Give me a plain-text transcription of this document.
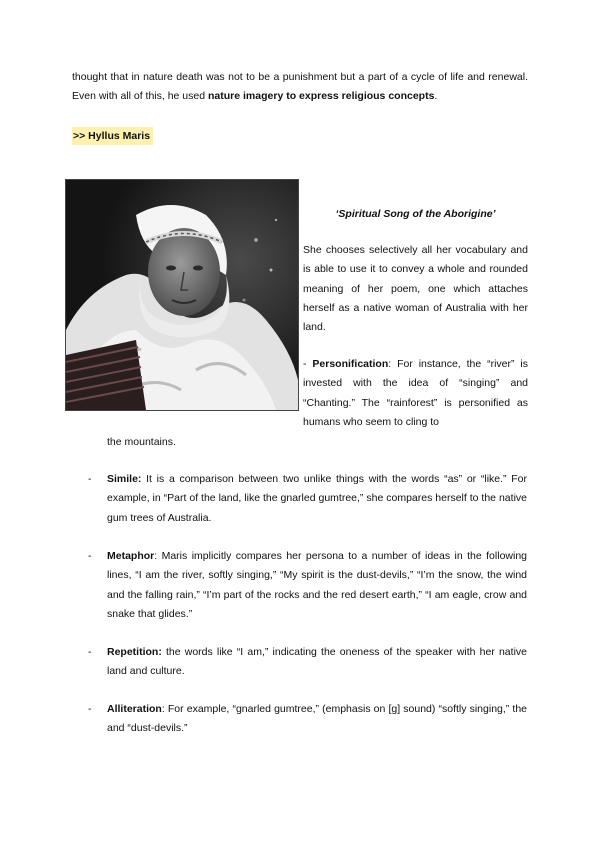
thought that in nature death was not to be a punishment but a part of a cycle of life and renewal. Even with all of this, he used nature imagery to express religious concepts.
>> Hyllus Maris
‘Spiritual Song of the Aborigine’
She chooses selectively all her vocabulary and is able to use it to convey a whole and rounded meaning of her poem, one which attaches herself as a native woman of Australia with her land.
- Personification: For instance, the “river” is invested with the idea of “singing” and “Chanting.” The “rainforest” is personified as humans who seem to cling to
the mountains.
- Simile: It is a comparison between two unlike things with the words “as” or “like.” For example, in “Part of the land, like the gnarled gumtree,” she compares herself to the native gum trees of Australia.
- Metaphor: Maris implicitly compares her persona to a number of ideas in the following lines, “I am the river, softly singing,” “My spirit is the dust-devils,” “I’m the snow, the wind and the falling rain,” “I’m part of the rocks and the red desert earth,” “I am eagle, crow and snake that glides.”
- Repetition: the words like “I am,” indicating the oneness of the speaker with her native land and culture.
- Alliteration: For example, “gnarled gumtree,” (emphasis on [g] sound) “softly singing,” the and “dust-devils.”
